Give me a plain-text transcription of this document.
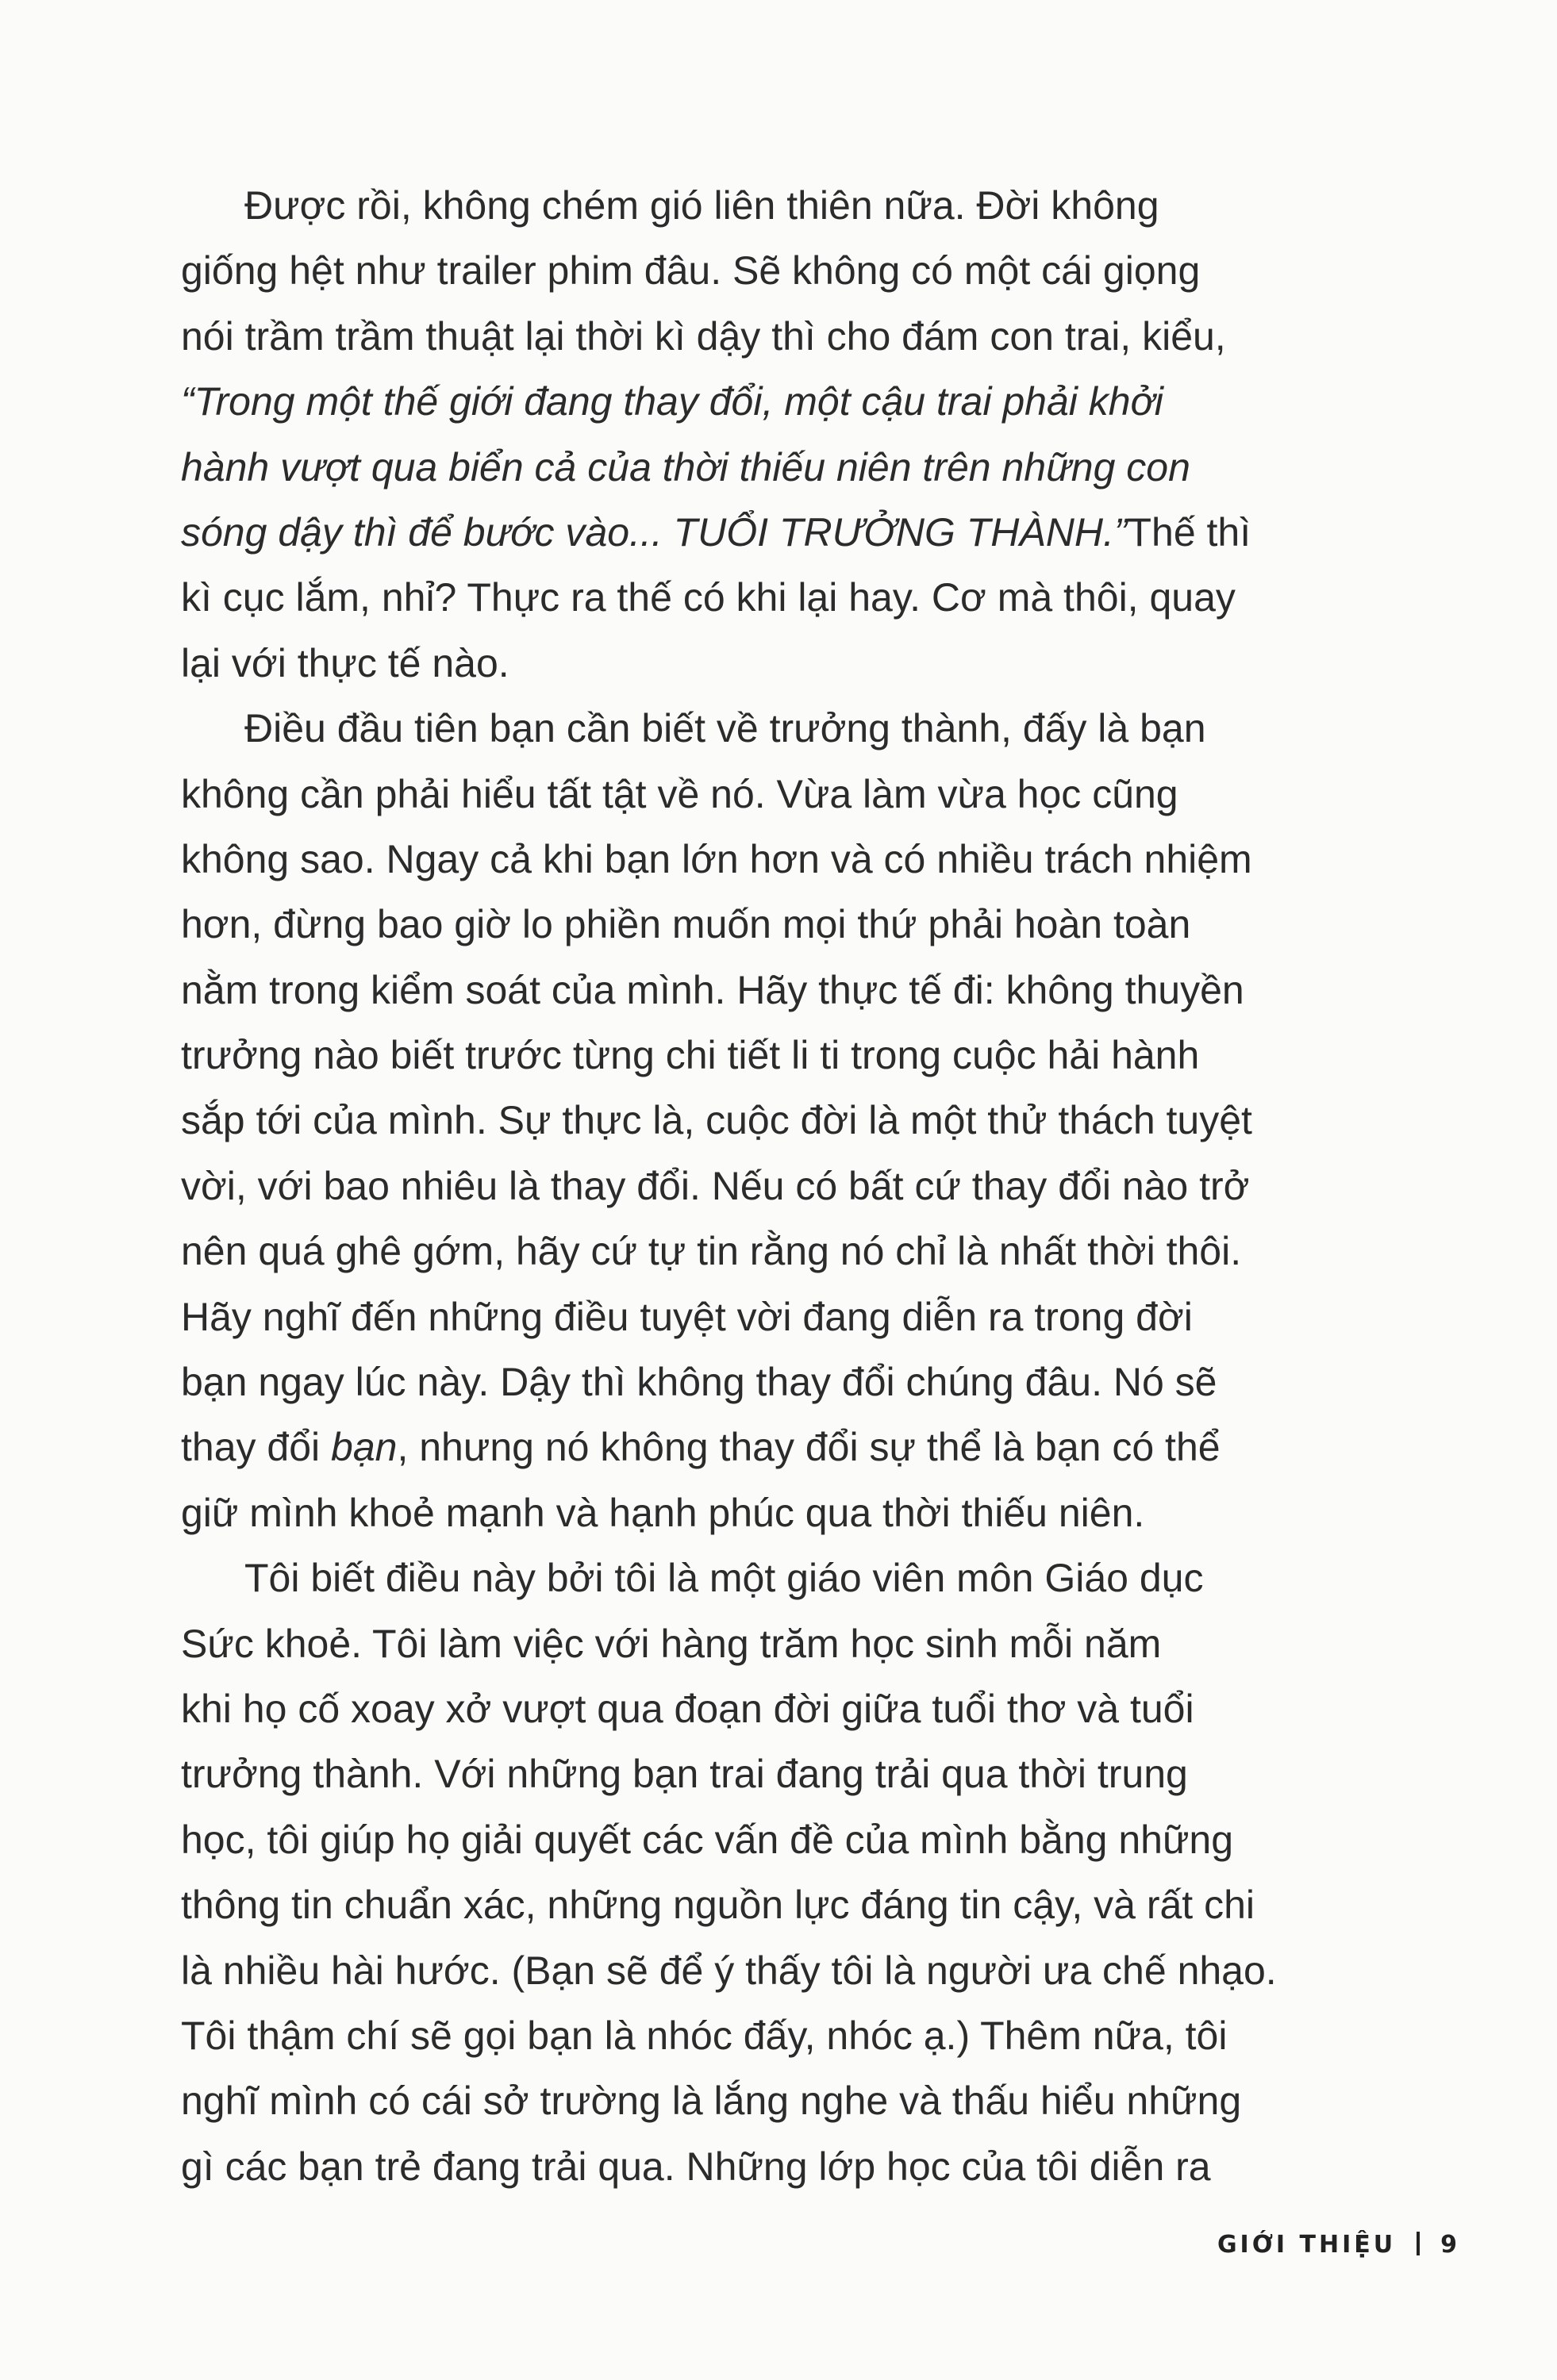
Được rồi, không chém gió liên thiên nữa. Đời không
giống hệt như trailer phim đâu. Sẽ không có một cái giọng
nói trầm trầm thuật lại thời kì dậy thì cho đám con trai, kiểu,
“Trong một thế giới đang thay đổi, một cậu trai phải khởi
hành vượt qua biển cả của thời thiếu niên trên những con
sóng dậy thì để bước vào... TUỔI TRƯỞNG THÀNH.”Thế thì
kì cục lắm, nhỉ? Thực ra thế có khi lại hay. Cơ mà thôi, quay
lại với thực tế nào.

Điều đầu tiên bạn cần biết về trưởng thành, đấy là bạn
không cần phải hiểu tất tật về nó. Vừa làm vừa học cũng
không sao. Ngay cả khi bạn lớn hơn và có nhiều trách nhiệm
hơn, đừng bao giờ lo phiền muốn mọi thứ phải hoàn toàn
nằm trong kiểm soát của mình. Hãy thực tế đi: không thuyền
trưởng nào biết trước từng chi tiết li ti trong cuộc hải hành
sắp tới của mình. Sự thực là, cuộc đời là một thử thách tuyệt
vời, với bao nhiêu là thay đổi. Nếu có bất cứ thay đổi nào trở
nên quá ghê gớm, hãy cứ tự tin rằng nó chỉ là nhất thời thôi.
Hãy nghĩ đến những điều tuyệt vời đang diễn ra trong đời
bạn ngay lúc này. Dậy thì không thay đổi chúng đâu. Nó sẽ
thay đổi bạn, nhưng nó không thay đổi sự thể là bạn có thể
giữ mình khoẻ mạnh và hạnh phúc qua thời thiếu niên.

Tôi biết điều này bởi tôi là một giáo viên môn Giáo dục
Sức khoẻ. Tôi làm việc với hàng trăm học sinh mỗi năm
khi họ cố xoay xở vượt qua đoạn đời giữa tuổi thơ và tuổi
trưởng thành. Với những bạn trai đang trải qua thời trung
học, tôi giúp họ giải quyết các vấn đề của mình bằng những
thông tin chuẩn xác, những nguồn lực đáng tin cậy, và rất chi
là nhiều hài hước. (Bạn sẽ để ý thấy tôi là người ưa chế nhạo.
Tôi thậm chí sẽ gọi bạn là nhóc đấy, nhóc ạ.) Thêm nữa, tôi
nghĩ mình có cái sở trường là lắng nghe và thấu hiểu những
gì các bạn trẻ đang trải qua. Những lớp học của tôi diễn ra

GIỚI THIỆU 9
